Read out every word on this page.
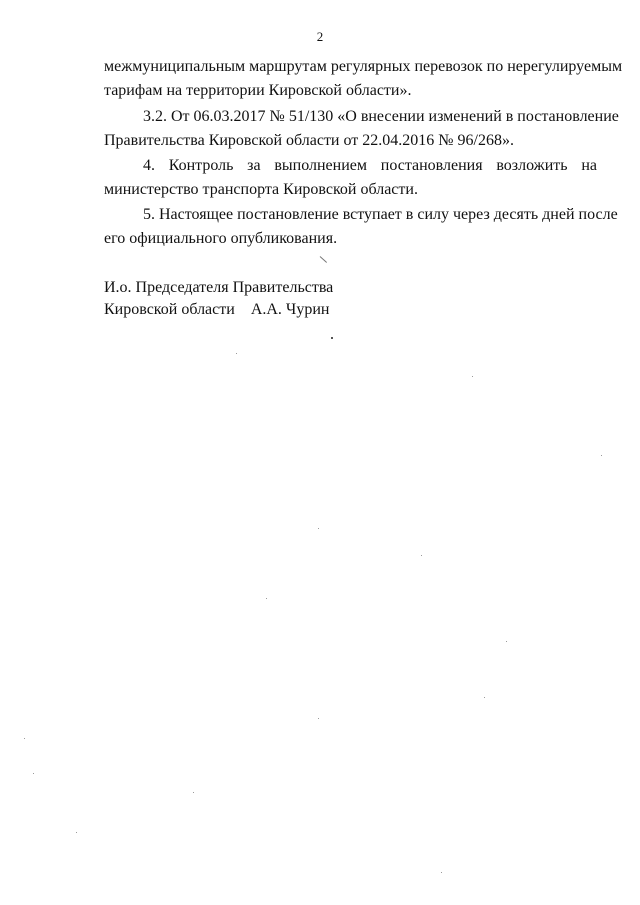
2
межмуниципальным маршрутам регулярных перевозок по нерегулируемым
тарифам на территории Кировской области».
3.2. От 06.03.2017 № 51/130 «О внесении изменений в постановление
Правительства Кировской области от 22.04.2016 № 96/268».
4. Контроль за выполнением постановления возложить на
министерство транспорта Кировской области.
5. Настоящее постановление вступает в силу через десять дней после
его официального опубликования.
И.о. Председателя Правительства
Кировской области А.А. Чурин
